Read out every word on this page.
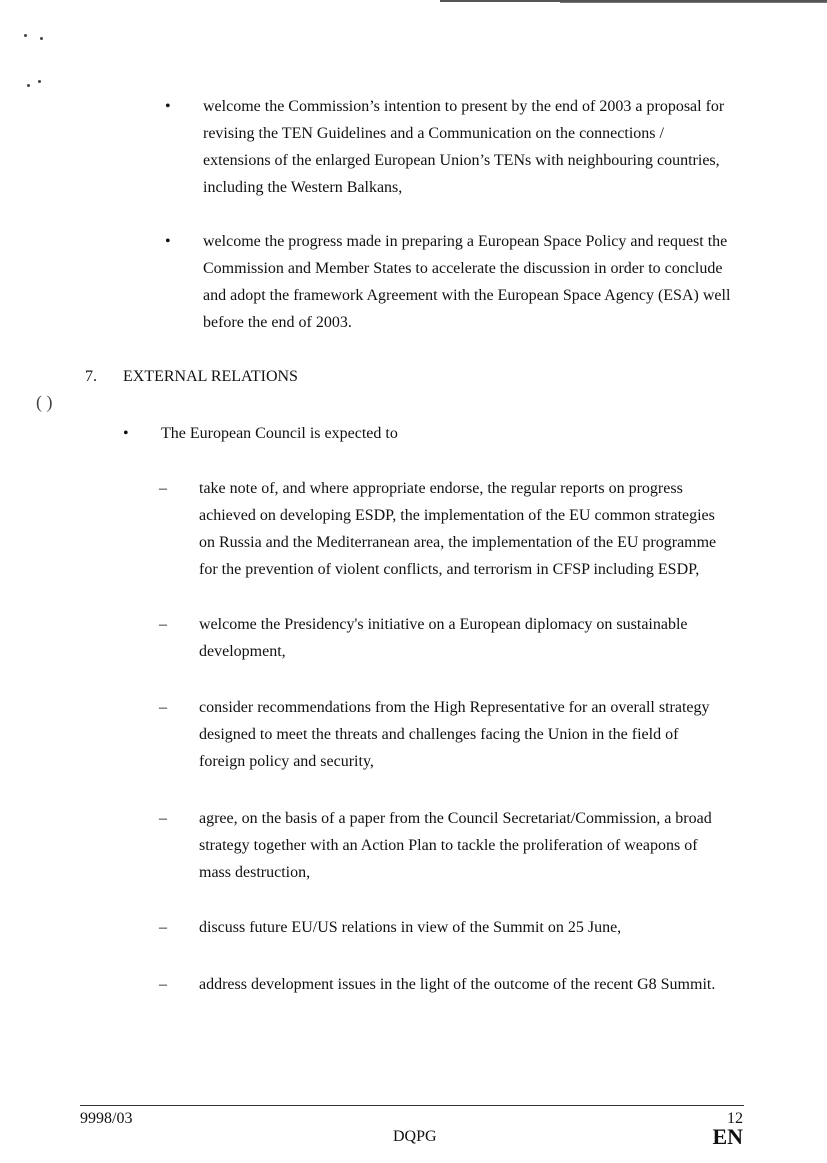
( )
• welcome the Commission’s intention to present by the end of 2003 a proposal for
revising the TEN Guidelines and a Communication on the connections /
extensions of the enlarged European Union’s TENs with neighbouring countries,
including the Western Balkans,
• welcome the progress made in preparing a European Space Policy and request the
Commission and Member States to accelerate the discussion in order to conclude
and adopt the framework Agreement with the European Space Agency (ESA) well
before the end of 2003.
7. EXTERNAL RELATIONS
• The European Council is expected to
– take note of, and where appropriate endorse, the regular reports on progress
achieved on developing ESDP, the implementation of the EU common strategies
on Russia and the Mediterranean area, the implementation of the EU programme
for the prevention of violent conflicts, and terrorism in CFSP including ESDP,
– welcome the Presidency's initiative on a European diplomacy on sustainable
development,
– consider recommendations from the High Representative for an overall strategy
designed to meet the threats and challenges facing the Union in the field of
foreign policy and security,
– agree, on the basis of a paper from the Council Secretariat/Commission, a broad
strategy together with an Action Plan to tackle the proliferation of weapons of
mass destruction,
– discuss future EU/US relations in view of the Summit on 25 June,
– address development issues in the light of the outcome of the recent G8 Summit.
9998/03
DQPG
12
EN
